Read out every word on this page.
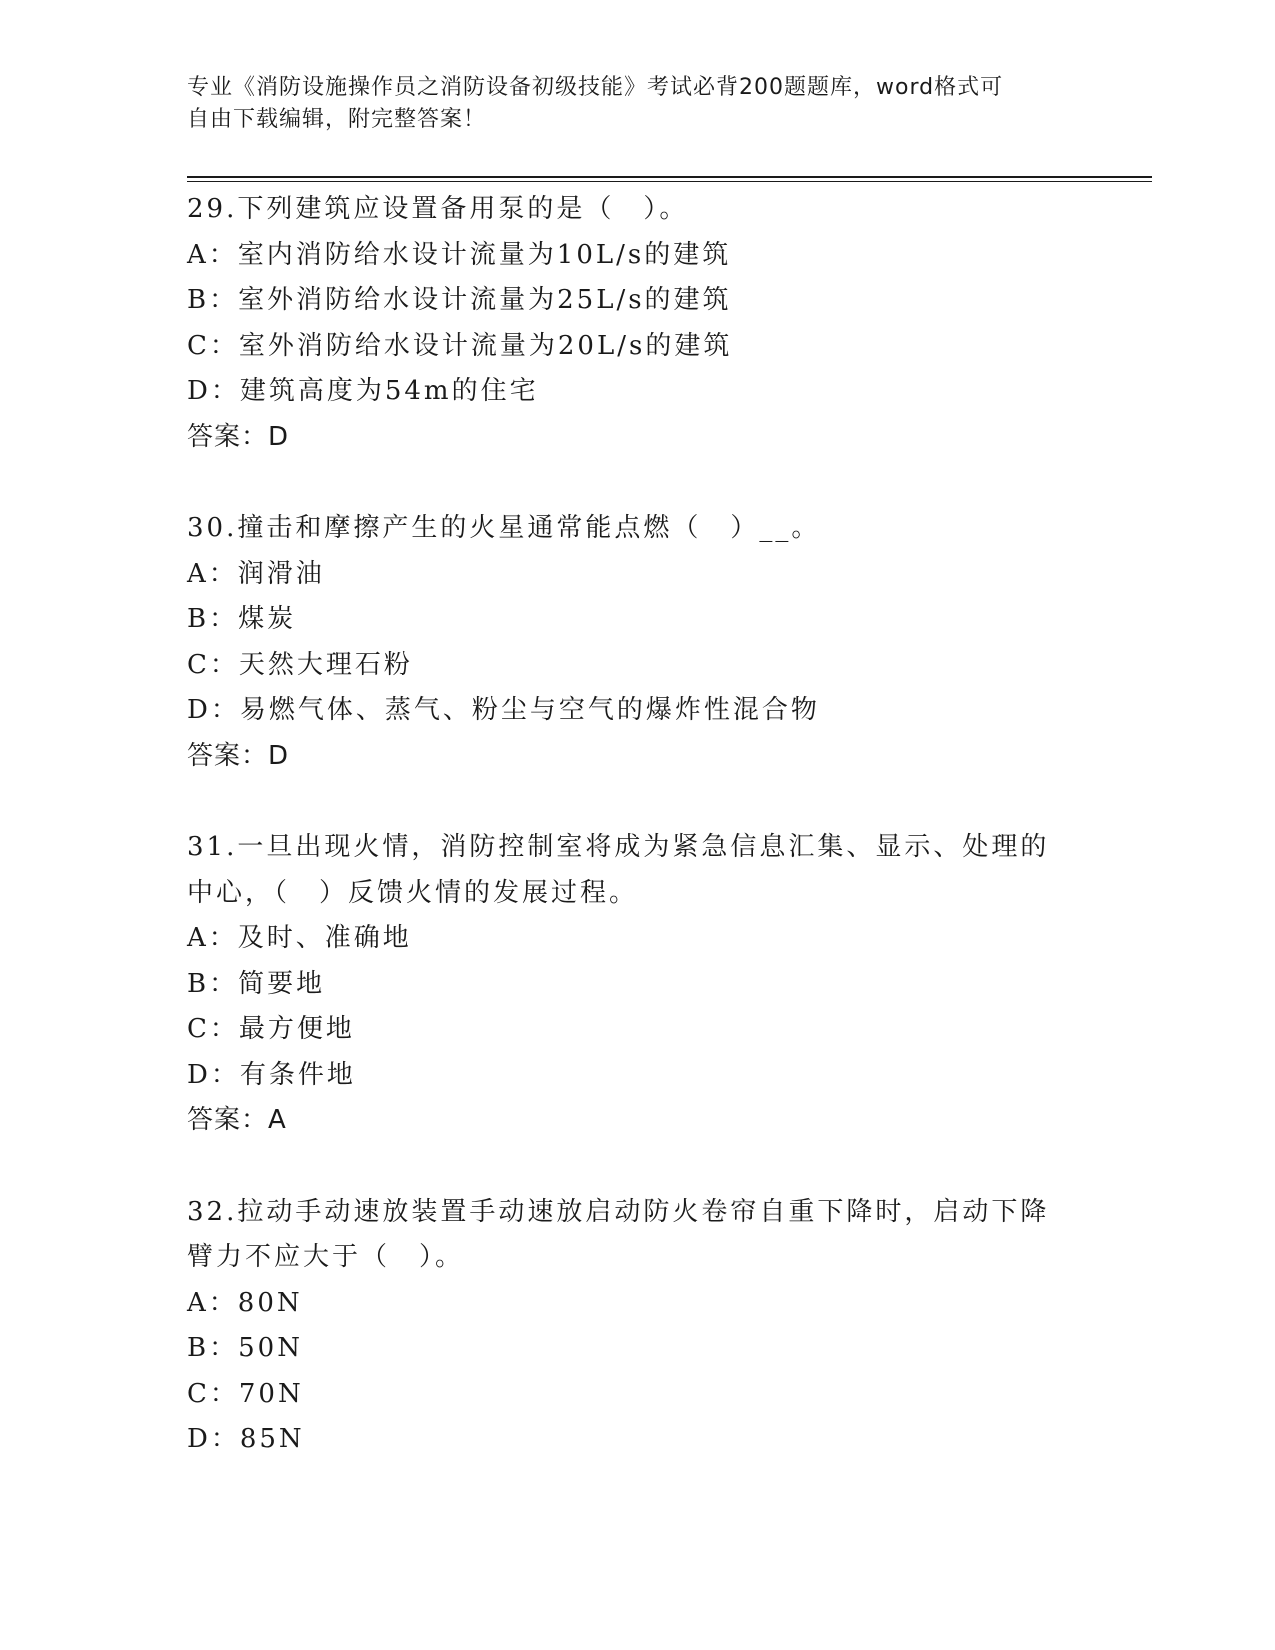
专业《消防设施操作员之消防设备初级技能》考试必背200题题库，word格式可
自由下载编辑，附完整答案！

29.下列建筑应设置备用泵的是（　）。

A：室内消防给水设计流量为10L/s的建筑

B：室外消防给水设计流量为25L/s的建筑

C：室外消防给水设计流量为20L/s的建筑

D：建筑高度为54m的住宅

答案：D

30.撞击和摩擦产生的火星通常能点燃（　）__。

A：润滑油

B：煤炭

C：天然大理石粉

D：易燃气体、蒸气、粉尘与空气的爆炸性混合物

答案：D

31.一旦出现火情，消防控制室将成为紧急信息汇集、显示、处理的中心，（　）反馈火情的发展过程。

A：及时、准确地

B：简要地

C：最方便地

D：有条件地

答案：A

32.拉动手动速放装置手动速放启动防火卷帘自重下降时，启动下降臂力不应大于（　）。

A：80N

B：50N

C：70N

D：85N
